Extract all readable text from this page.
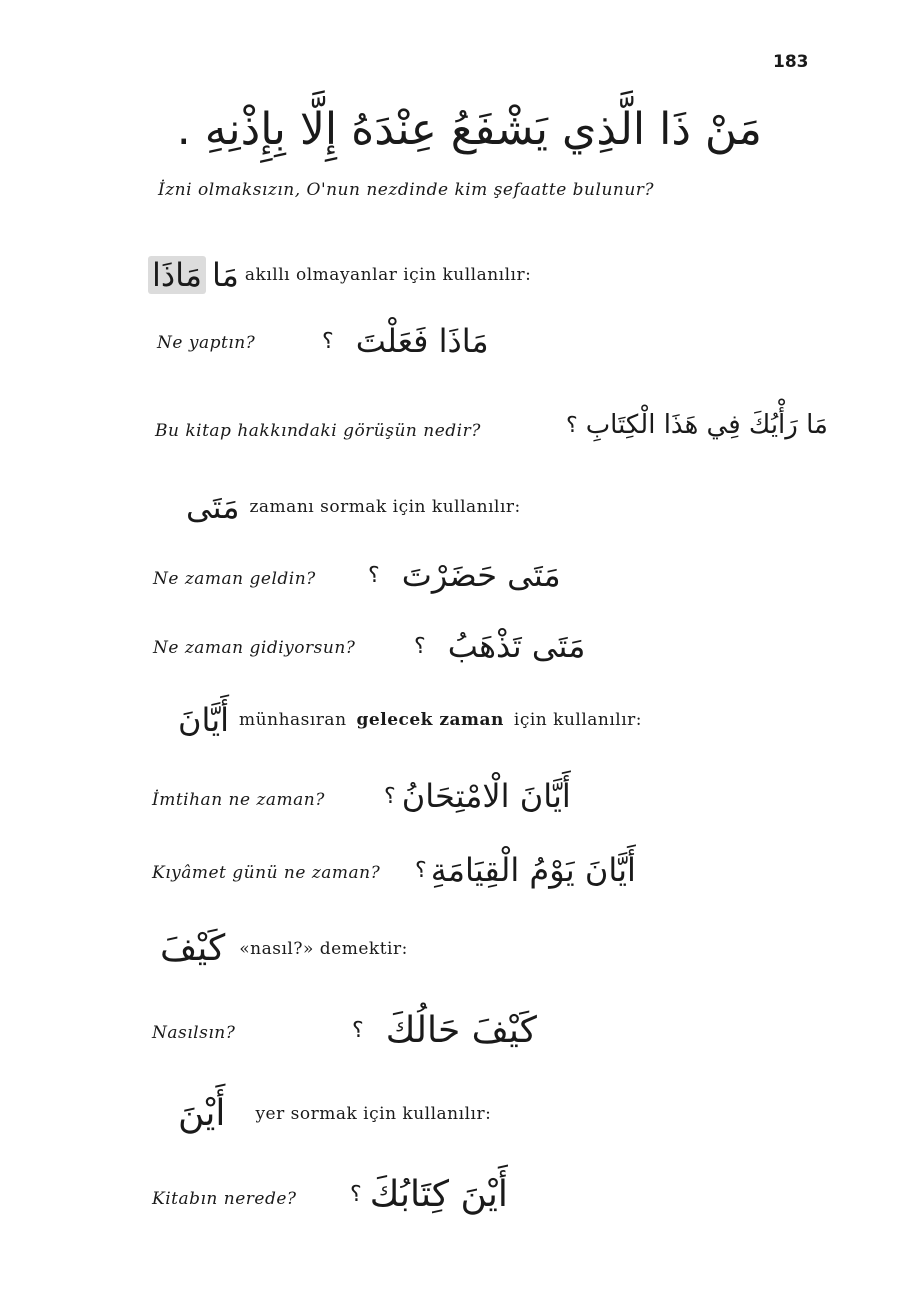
183
مَنْ ذَا الَّذِي يَشْفَعُ عِنْدَهُ إِلَّا بِإِذْنِهِ .
İzni olmaksızın, O'nun nezdinde kim şefaatte bulunur?
مَاذَا مَا akıllı olmayanlar için kullanılır:
Ne yaptın?	؟ مَاذَا فَعَلْتَ
Bu kitap hakkındaki görüşün nedir?	؟ مَا رَأْيُكَ فِي هَذَا الْكِتَابِ
مَتَى zamanı sormak için kullanılır:
Ne zaman geldin? ؟ مَتَى حَضَرْتَ
Ne zaman gidiyorsun?	؟ مَتَى تَذْهَبُ
أَيَّانَ münhasıran gelecek zaman için kullanılır:
İmtihan ne zaman?	؟ أَيَّانَ الْامْتِحَانُ
Kıyâmet günü ne zaman? ؟ أَيَّانَ يَوْمُ الْقِيَامَةِ
كَيْفَ «nasıl?» demektir:
Nasılsın?	؟ كَيْفَ حَالُكَ
أَيْنَ yer sormak için kullanılır:
Kitabın nerede? ؟ أَيْنَ كِتَابُكَ
